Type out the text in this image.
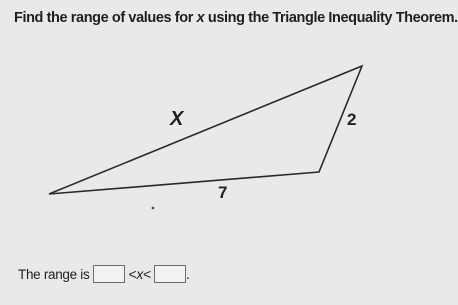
Find the range of values for x using the Triangle Inequality Theorem.
X	2
7
The range is	<x<	.
